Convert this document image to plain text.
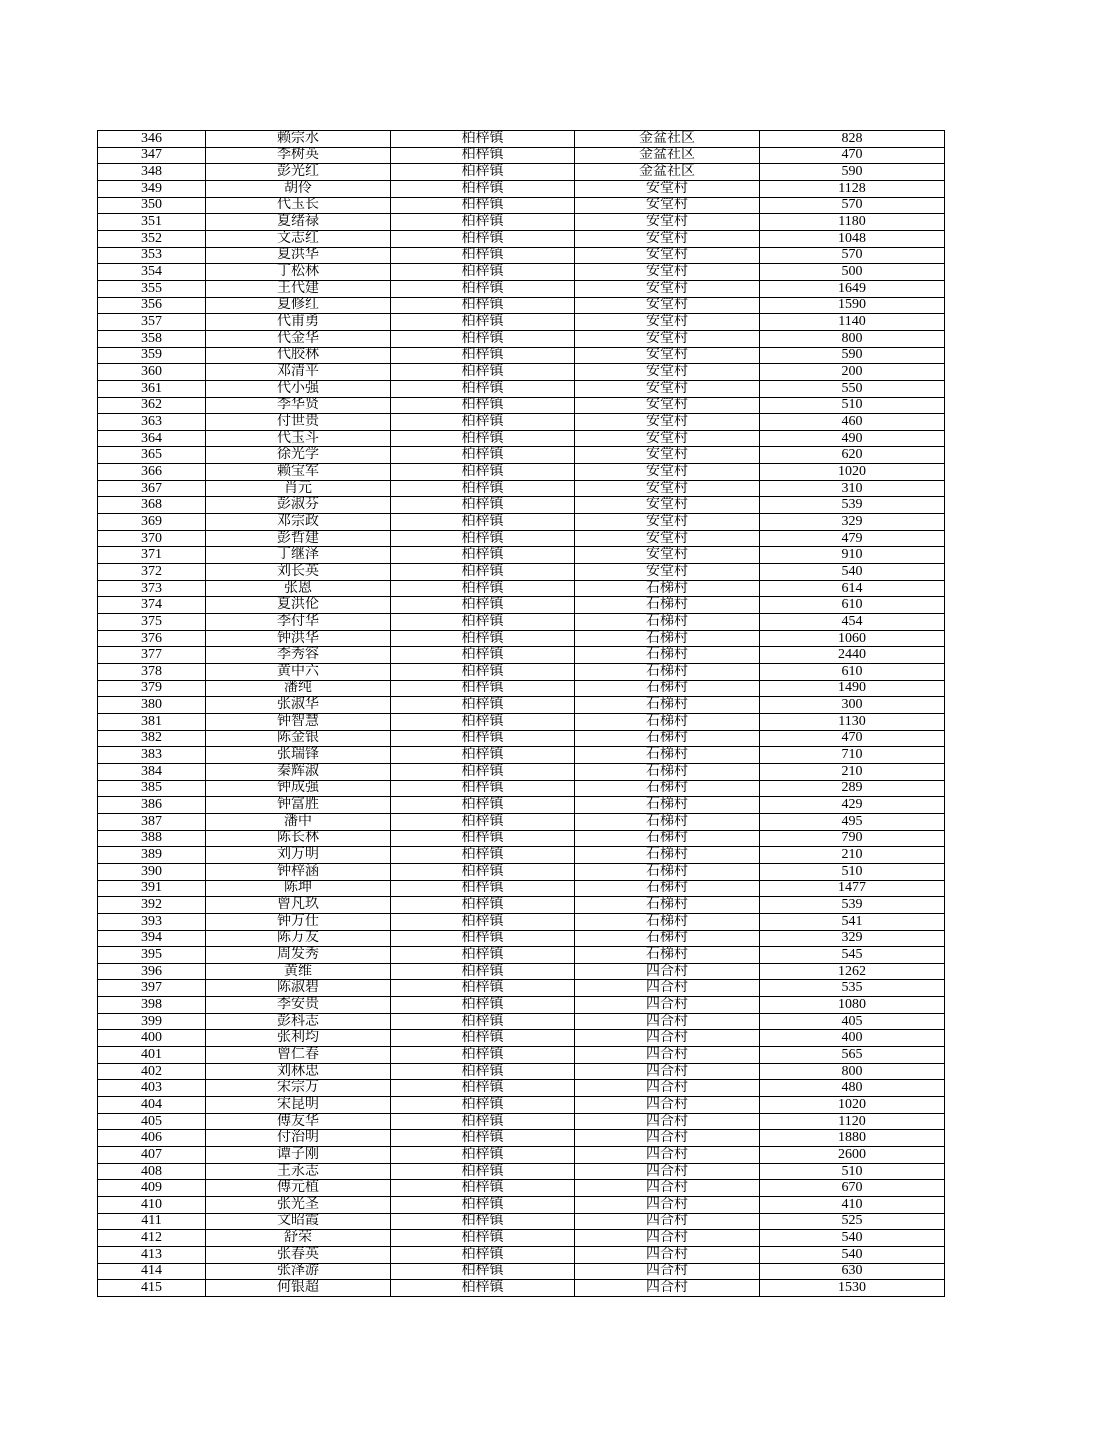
346	赖宗水	柏梓镇	金盆社区	828
347	李树英	柏梓镇	金盆社区	470
348	彭光红	柏梓镇	金盆社区	590
349	胡伶	柏梓镇	安堂村	1128
350	代玉长	柏梓镇	安堂村	570
351	夏绪禄	柏梓镇	安堂村	1180
352	文志红	柏梓镇	安堂村	1048
353	夏洪华	柏梓镇	安堂村	570
354	丁松林	柏梓镇	安堂村	500
355	王代建	柏梓镇	安堂村	1649
356	夏修红	柏梓镇	安堂村	1590
357	代甫勇	柏梓镇	安堂村	1140
358	代金华	柏梓镇	安堂村	800
359	代胶林	柏梓镇	安堂村	590
360	邓清平	柏梓镇	安堂村	200
361	代小强	柏梓镇	安堂村	550
362	李华贤	柏梓镇	安堂村	510
363	付世贵	柏梓镇	安堂村	460
364	代玉斗	柏梓镇	安堂村	490
365	徐光学	柏梓镇	安堂村	620
366	赖宝军	柏梓镇	安堂村	1020
367	肖元	柏梓镇	安堂村	310
368	彭淑芬	柏梓镇	安堂村	539
369	邓宗政	柏梓镇	安堂村	329
370	彭哲建	柏梓镇	安堂村	479
371	丁继泽	柏梓镇	安堂村	910
372	刘长英	柏梓镇	安堂村	540
373	张恩	柏梓镇	石梯村	614
374	夏洪伦	柏梓镇	石梯村	610
375	李付华	柏梓镇	石梯村	454
376	钟洪华	柏梓镇	石梯村	1060
377	李秀容	柏梓镇	石梯村	2440
378	黄中六	柏梓镇	石梯村	610
379	潘纯	柏梓镇	石梯村	1490
380	张淑华	柏梓镇	石梯村	300
381	钟智慧	柏梓镇	石梯村	1130
382	陈金银	柏梓镇	石梯村	470
383	张瑞锋	柏梓镇	石梯村	710
384	秦辉淑	柏梓镇	石梯村	210
385	钟成强	柏梓镇	石梯村	289
386	钟富胜	柏梓镇	石梯村	429
387	潘中	柏梓镇	石梯村	495
388	陈长林	柏梓镇	石梯村	790
389	刘万明	柏梓镇	石梯村	210
390	钟梓涵	柏梓镇	石梯村	510
391	陈坤	柏梓镇	石梯村	1477
392	曾凡玖	柏梓镇	石梯村	539
393	钟万仕	柏梓镇	石梯村	541
394	陈万友	柏梓镇	石梯村	329
395	周发秀	柏梓镇	石梯村	545
396	黄维	柏梓镇	四合村	1262
397	陈淑碧	柏梓镇	四合村	535
398	李安贵	柏梓镇	四合村	1080
399	彭科志	柏梓镇	四合村	405
400	张利均	柏梓镇	四合村	400
401	曾仁春	柏梓镇	四合村	565
402	刘林忠	柏梓镇	四合村	800
403	宋宗万	柏梓镇	四合村	480
404	宋昆明	柏梓镇	四合村	1020
405	傅友华	柏梓镇	四合村	1120
406	付治明	柏梓镇	四合村	1880
407	谭子刚	柏梓镇	四合村	2600
408	王永志	柏梓镇	四合村	510
409	傅元植	柏梓镇	四合村	670
410	张光圣	柏梓镇	四合村	410
411	文昭霞	柏梓镇	四合村	525
412	舒荣	柏梓镇	四合村	540
413	张春英	柏梓镇	四合村	540
414	张泽游	柏梓镇	四合村	630
415	何银超	柏梓镇	四合村	1530
